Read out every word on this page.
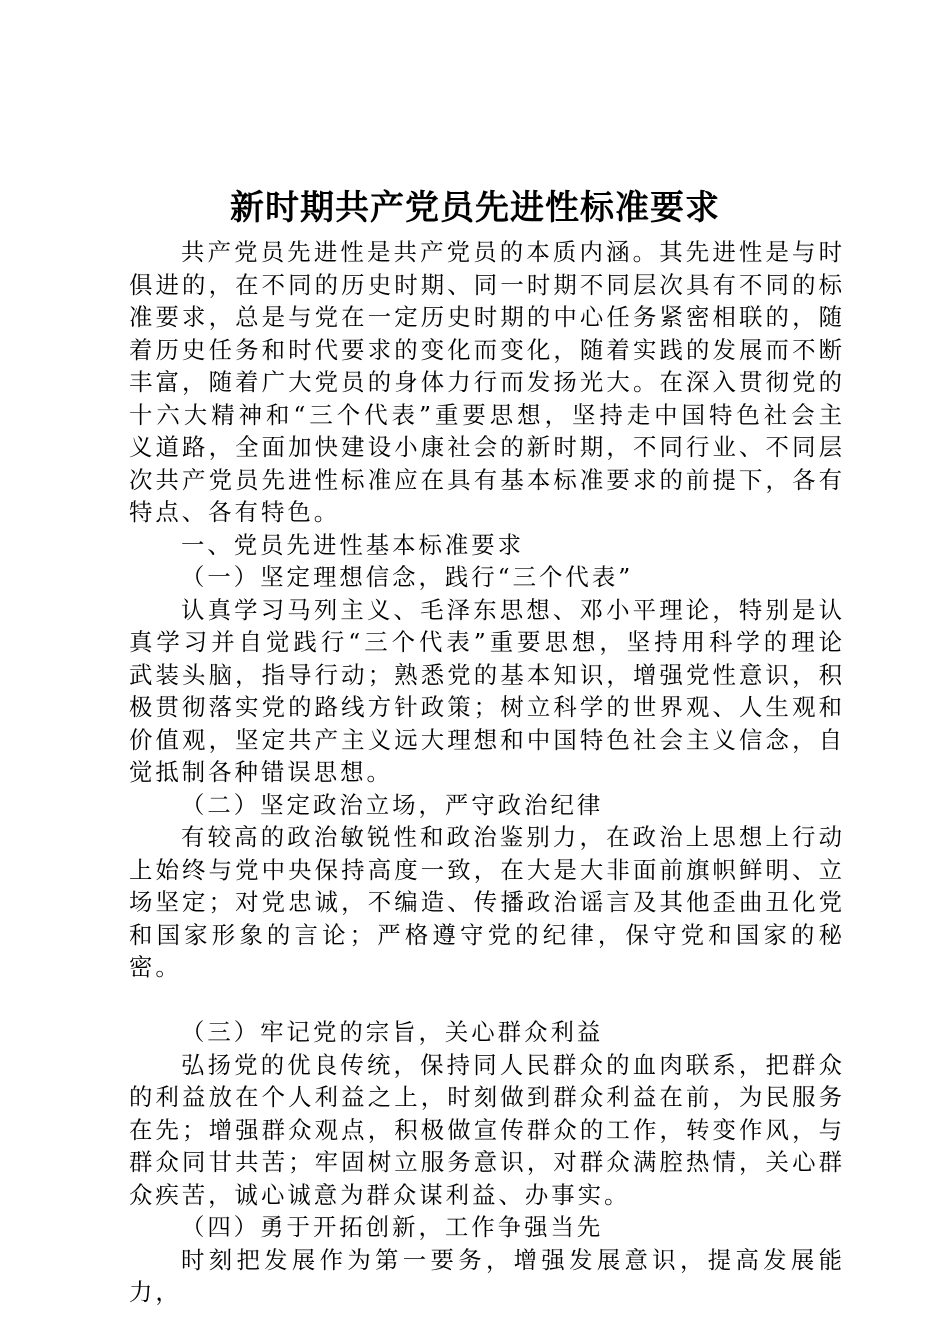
新时期共产党员先进性标准要求

共产党员先进性是共产党员的本质内涵。其先进性是与时俱进的，在不同的历史时期、同一时期不同层次具有不同的标准要求，总是与党在一定历史时期的中心任务紧密相联的，随着历史任务和时代要求的变化而变化，随着实践的发展而不断丰富，随着广大党员的身体力行而发扬光大。在深入贯彻党的十六大精神和“三个代表”重要思想，坚持走中国特色社会主义道路，全面加快建设小康社会的新时期，不同行业、不同层次共产党员先进性标准应在具有基本标准要求的前提下，各有特点、各有特色。

一、党员先进性基本标准要求

（一）坚定理想信念，践行“三个代表”

认真学习马列主义、毛泽东思想、邓小平理论，特别是认真学习并自觉践行“三个代表”重要思想，坚持用科学的理论武装头脑，指导行动；熟悉党的基本知识，增强党性意识，积极贯彻落实党的路线方针政策；树立科学的世界观、人生观和价值观，坚定共产主义远大理想和中国特色社会主义信念，自觉抵制各种错误思想。

（二）坚定政治立场，严守政治纪律

有较高的政治敏锐性和政治鉴别力，在政治上思想上行动上始终与党中央保持高度一致，在大是大非面前旗帜鲜明、立场坚定；对党忠诚，不编造、传播政治谣言及其他歪曲丑化党和国家形象的言论；严格遵守党的纪律，保守党和国家的秘密。

（三）牢记党的宗旨，关心群众利益

弘扬党的优良传统，保持同人民群众的血肉联系，把群众的利益放在个人利益之上，时刻做到群众利益在前，为民服务在先；增强群众观点，积极做宣传群众的工作，转变作风，与群众同甘共苦；牢固树立服务意识，对群众满腔热情，关心群众疾苦，诚心诚意为群众谋利益、办事实。

（四）勇于开拓创新，工作争强当先

时刻把发展作为第一要务，增强发展意识，提高发展能力，
